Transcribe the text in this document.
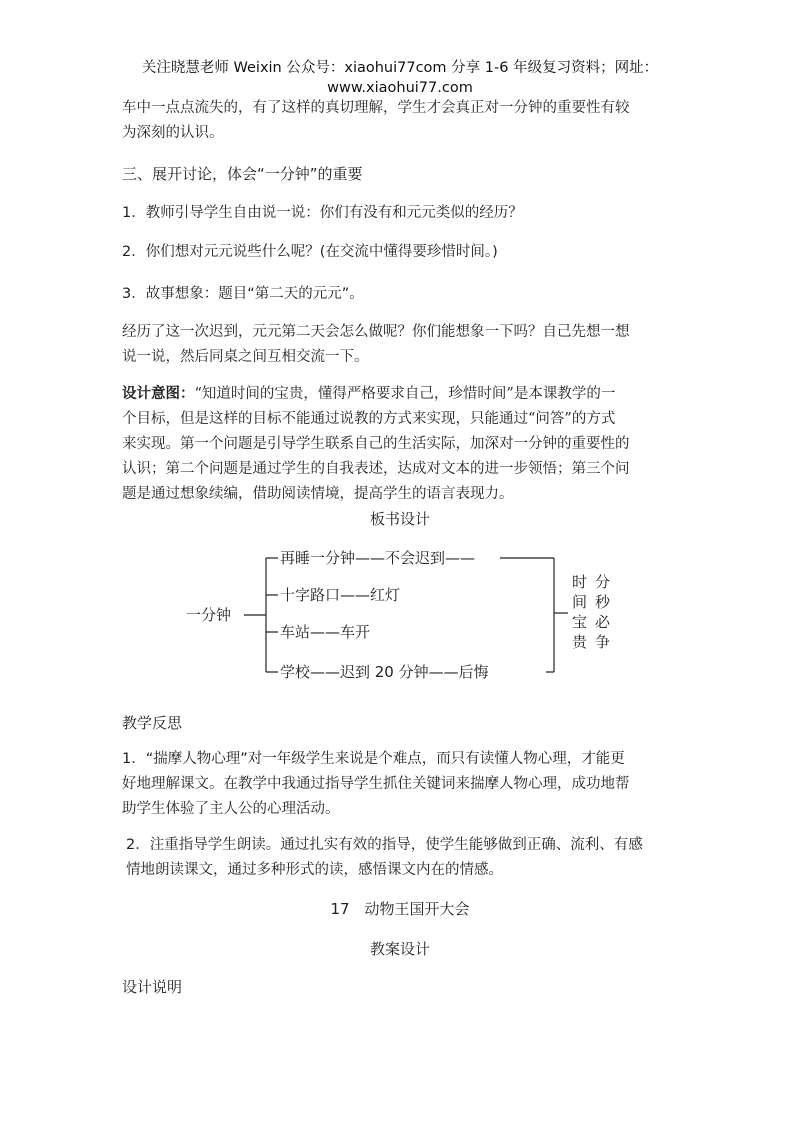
关注晓慧老师 Weixin 公众号：xiaohui77com 分享 1-6 年级复习资料；网址：
www.xiaohui77.com
车中一点点流失的，有了这样的真切理解，学生才会真正对一分钟的重要性有较
为深刻的认识。
三、展开讨论，体会“一分钟”的重要
1．教师引导学生自由说一说：你们有没有和元元类似的经历？
2．你们想对元元说些什么呢？(在交流中懂得要珍惜时间。)
3．故事想象：题目“第二天的元元”。
经历了这一次迟到，元元第二天会怎么做呢？你们能想象一下吗？自己先想一想
说一说，然后同桌之间互相交流一下。
设计意图：“知道时间的宝贵，懂得严格要求自己，珍惜时间”是本课教学的一
个目标，但是这样的目标不能通过说教的方式来实现，只能通过“问答”的方式
来实现。第一个问题是引导学生联系自己的生活实际，加深对一分钟的重要性的
认识；第二个问题是通过学生的自我表述，达成对文本的进一步领悟；第三个问
题是通过想象续编，借助阅读情境，提高学生的语言表现力。
板书设计
一分钟
再睡一分钟——不会迟到——
十字路口——红灯
车站——车开
学校——迟到 20 分钟——后悔
时
间
宝
贵
分
秒
必
争
教学反思
1．“揣摩人物心理”对一年级学生来说是个难点，而只有读懂人物心理，才能更
好地理解课文。在教学中我通过指导学生抓住关键词来揣摩人物心理，成功地帮
助学生体验了主人公的心理活动。
2．注重指导学生朗读。通过扎实有效的指导，使学生能够做到正确、流利、有感
情地朗读课文，通过多种形式的读，感悟课文内在的情感。
17　动物王国开大会
教案设计
设计说明
